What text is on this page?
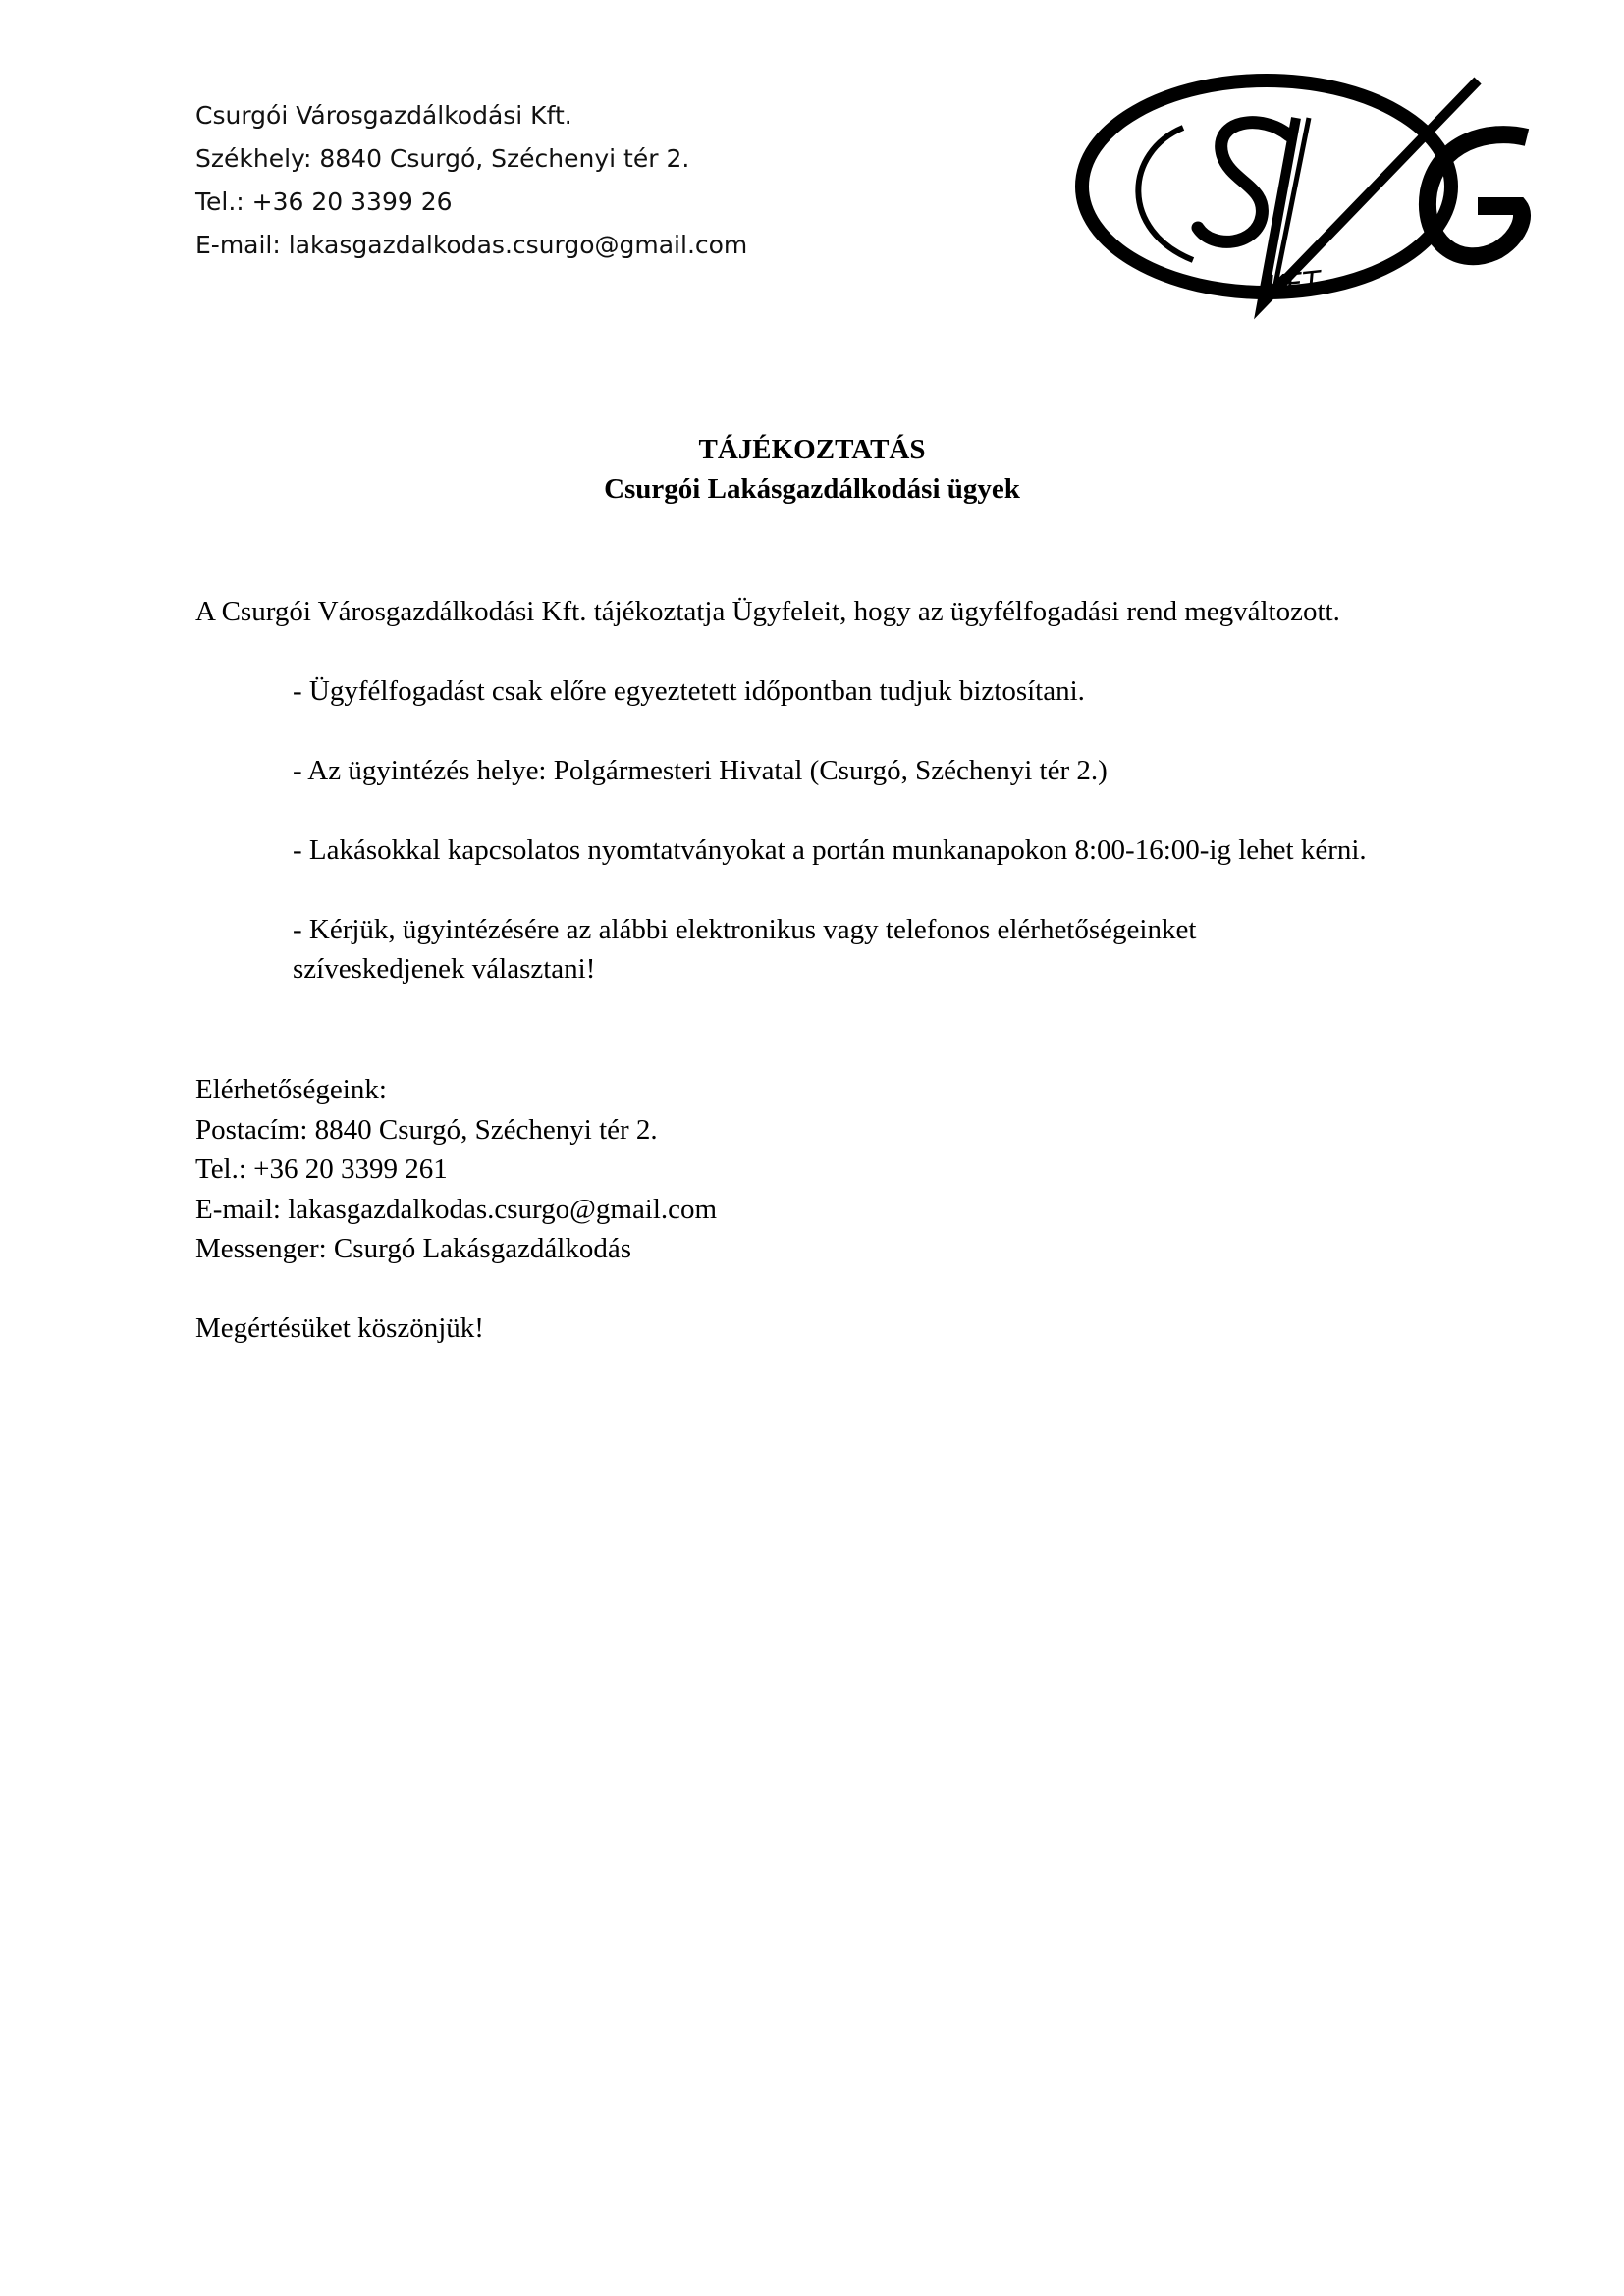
Csurgói Városgazdálkodási Kft.
Székhely: 8840 Csurgó, Széchenyi tér 2.
Tel.: +36 20 3399 26
E-mail: lakasgazdalkodas.csurgo@gmail.com
KFT
TÁJÉKOZTATÁS
Csurgói Lakásgazdálkodási ügyek
A Csurgói Városgazdálkodási Kft. tájékoztatja Ügyfeleit, hogy az ügyfélfogadási rend megváltozott.
- Ügyfélfogadást csak előre egyeztetett időpontban tudjuk biztosítani.
- Az ügyintézés helye: Polgármesteri Hivatal (Csurgó, Széchenyi tér 2.)
- Lakásokkal kapcsolatos nyomtatványokat a portán munkanapokon 8:00-16:00-ig lehet kérni.
- Kérjük, ügyintézésére az alábbi elektronikus vagy telefonos elérhetőségeinket
szíveskedjenek választani!
Elérhetőségeink:
Postacím: 8840 Csurgó, Széchenyi tér 2.
Tel.: +36 20 3399 261
E-mail: lakasgazdalkodas.csurgo@gmail.com
Messenger: Csurgó Lakásgazdálkodás
Megértésüket köszönjük!
